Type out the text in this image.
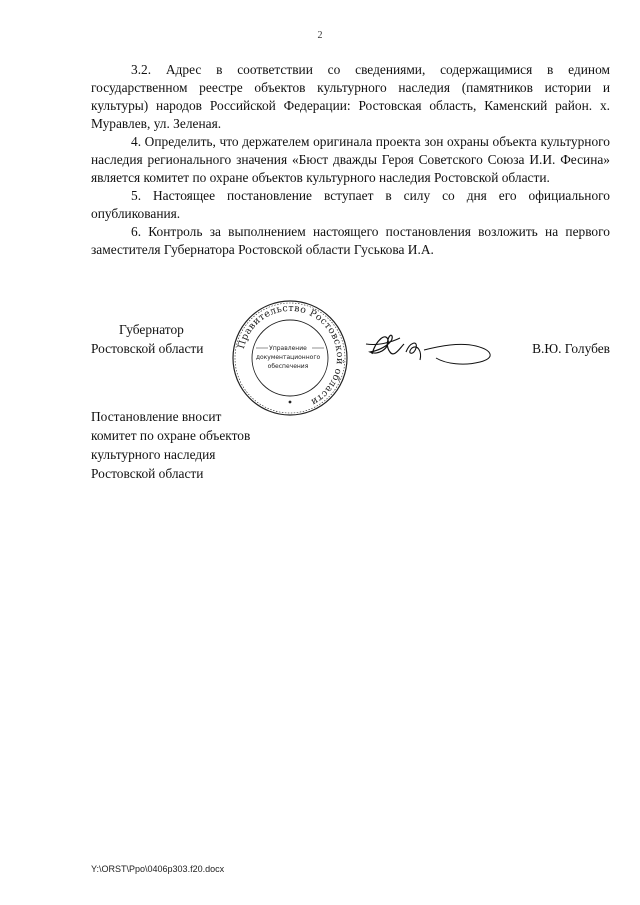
2

3.2. Адрес в соответствии со сведениями, содержащимися в едином государственном реестре объектов культурного наследия (памятников истории и культуры) народов Российской Федерации: Ростовская область, Каменский район. х. Муравлев, ул. Зеленая.

4. Определить, что держателем оригинала проекта зон охраны объекта культурного наследия регионального значения «Бюст дважды Героя Советского Союза И.И. Фесина» является комитет по охране объектов культурного наследия Ростовской области.

5. Настоящее постановление вступает в силу со дня его официального опубликования.

6. Контроль за выполнением настоящего постановления возложить на первого заместителя Губернатора Ростовской области Гуськова И.А.

Губернатор
Ростовской области	В.Ю. Голубев
Правительство Ростовской области
Управление
документационного
обеспечения
Постановление вносит
комитет по охране объектов
культурного наследия
Ростовской области
Y:\ORST\Ppo\0406p303.f20.docx
